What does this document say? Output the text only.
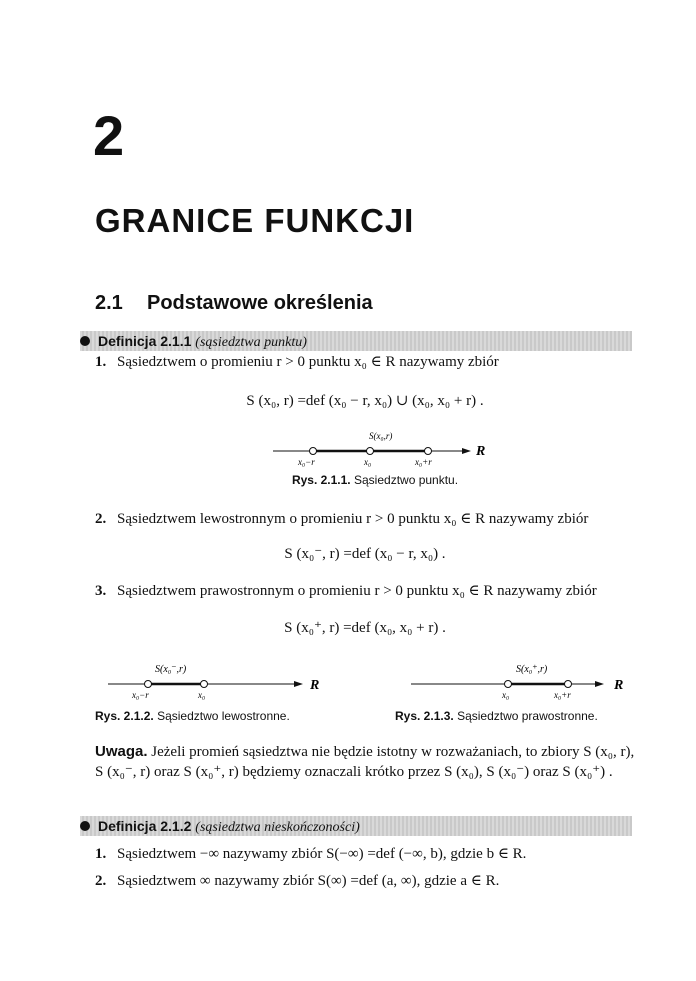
2
GRANICE FUNKCJI
2.1 Podstawowe określenia
Definicja 2.1.1 (sąsiedztwa punktu)
1. Sąsiedztwem o promieniu r > 0 punktu x₀ ∈ R nazywamy zbiór
S (x₀, r) =def (x₀ − r, x₀) ∪ (x₀, x₀ + r) .
S(x₀,r)
R
x₀−r	x₀	x₀+r
Rys. 2.1.1. Sąsiedztwo punktu.
2. Sąsiedztwem lewostronnym o promieniu r > 0 punktu x₀ ∈ R nazywamy zbiór
S (x₀⁻, r) =def (x₀ − r, x₀) .
3. Sąsiedztwem prawostronnym o promieniu r > 0 punktu x₀ ∈ R nazywamy zbiór
S (x₀⁺, r) =def (x₀, x₀ + r) .
S(x₀⁻,r)
R
x₀−r	x₀
Rys. 2.1.2. Sąsiedztwo lewostronne.
S(x₀⁺,r)
R
x₀	x₀+r
Rys. 2.1.3. Sąsiedztwo prawostronne.
Uwaga. Jeżeli promień sąsiedztwa nie będzie istotny w rozważaniach, to zbiory S (x₀, r), S (x₀⁻, r) oraz S (x₀⁺, r) będziemy oznaczali krótko przez S (x₀), S (x₀⁻) oraz S (x₀⁺) .
Definicja 2.1.2 (sąsiedztwa nieskończoności)
1. Sąsiedztwem −∞ nazywamy zbiór S(−∞) =def (−∞, b), gdzie b ∈ R.
2. Sąsiedztwem ∞ nazywamy zbiór S(∞) =def (a, ∞), gdzie a ∈ R.
